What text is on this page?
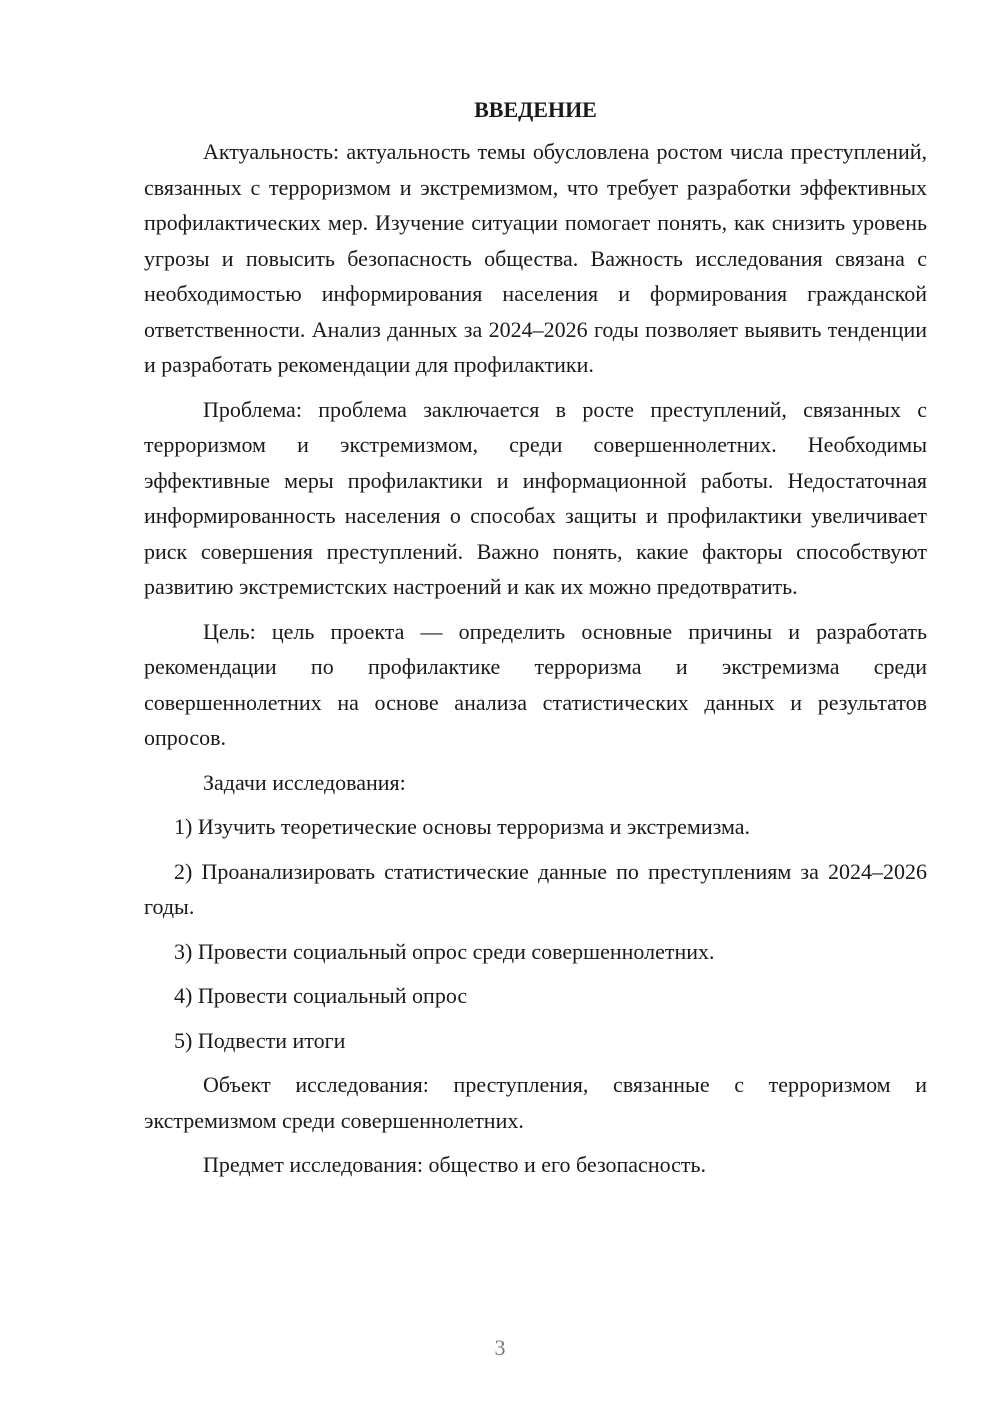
ВВЕДЕНИЕ

Актуальность: актуальность темы обусловлена ростом числа преступлений, связанных с терроризмом и экстремизмом, что требует разработки эффективных профилактических мер. Изучение ситуации помогает понять, как снизить уровень угрозы и повысить безопасность общества. Важность исследования связана с необходимостью информирования населения и формирования гражданской ответственности. Анализ данных за 2024–2026 годы позволяет выявить тенденции и разработать рекомендации для профилактики.

Проблема: проблема заключается в росте преступлений, связанных с терроризмом и экстремизмом, среди совершеннолетних. Необходимы эффективные меры профилактики и информационной работы. Недостаточная информированность населения о способах защиты и профилактики увеличивает риск совершения преступлений. Важно понять, какие факторы способствуют развитию экстремистских настроений и как их можно предотвратить.

Цель: цель проекта — определить основные причины и разработать рекомендации по профилактике терроризма и экстремизма среди совершеннолетних на основе анализа статистических данных и результатов опросов.

Задачи исследования:

1) Изучить теоретические основы терроризма и экстремизма.

2) Проанализировать статистические данные по преступлениям за 2024–2026 годы.

3) Провести социальный опрос среди совершеннолетних.

4) Провести социальный опрос

5) Подвести итоги

Объект исследования: преступления, связанные с терроризмом и экстремизмом среди совершеннолетних.

Предмет исследования: общество и его безопасность.

3
